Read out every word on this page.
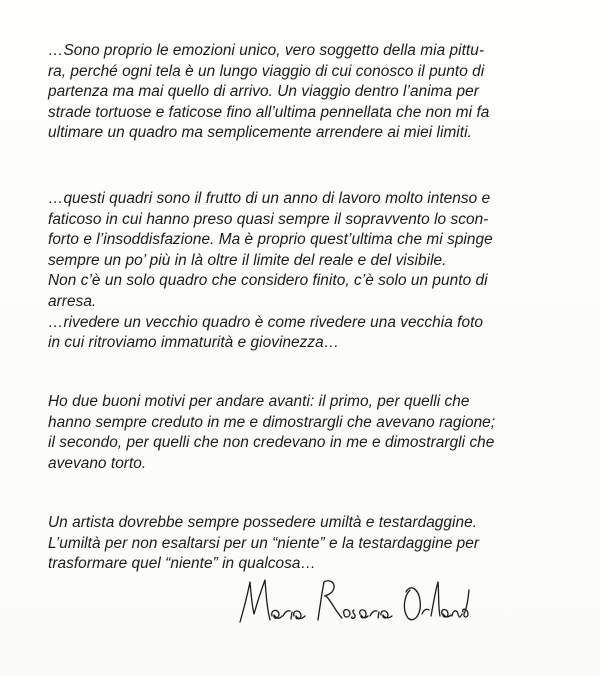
…Sono proprio le emozioni unico, vero soggetto della mia pittu-
ra, perché ogni tela è un lungo viaggio di cui conosco il punto di
partenza ma mai quello di arrivo. Un viaggio dentro l’anima per
strade tortuose e faticose fino all’ultima pennellata che non mi fa
ultimare un quadro ma semplicemente arrendere ai miei limiti.

…questi quadri sono il frutto di un anno di lavoro molto intenso e
faticoso in cui hanno preso quasi sempre il sopravvento lo scon-
forto e l’insoddisfazione. Ma è proprio quest’ultima che mi spinge
sempre un po’ più in là oltre il limite del reale e del visibile.
Non c’è un solo quadro che considero finito, c’è solo un punto di
arresa.
…rivedere un vecchio quadro è come rivedere una vecchia foto
in cui ritroviamo immaturità e giovinezza…

Ho due buoni motivi per andare avanti: il primo, per quelli che
hanno sempre creduto in me e dimostrargli che avevano ragione;
il secondo, per quelli che non credevano in me e dimostrargli che
avevano torto.

Un artista dovrebbe sempre possedere umiltà e testardaggine.
L’umiltà per non esaltarsi per un “niente” e la testardaggine per
trasformare quel “niente” in qualcosa…
